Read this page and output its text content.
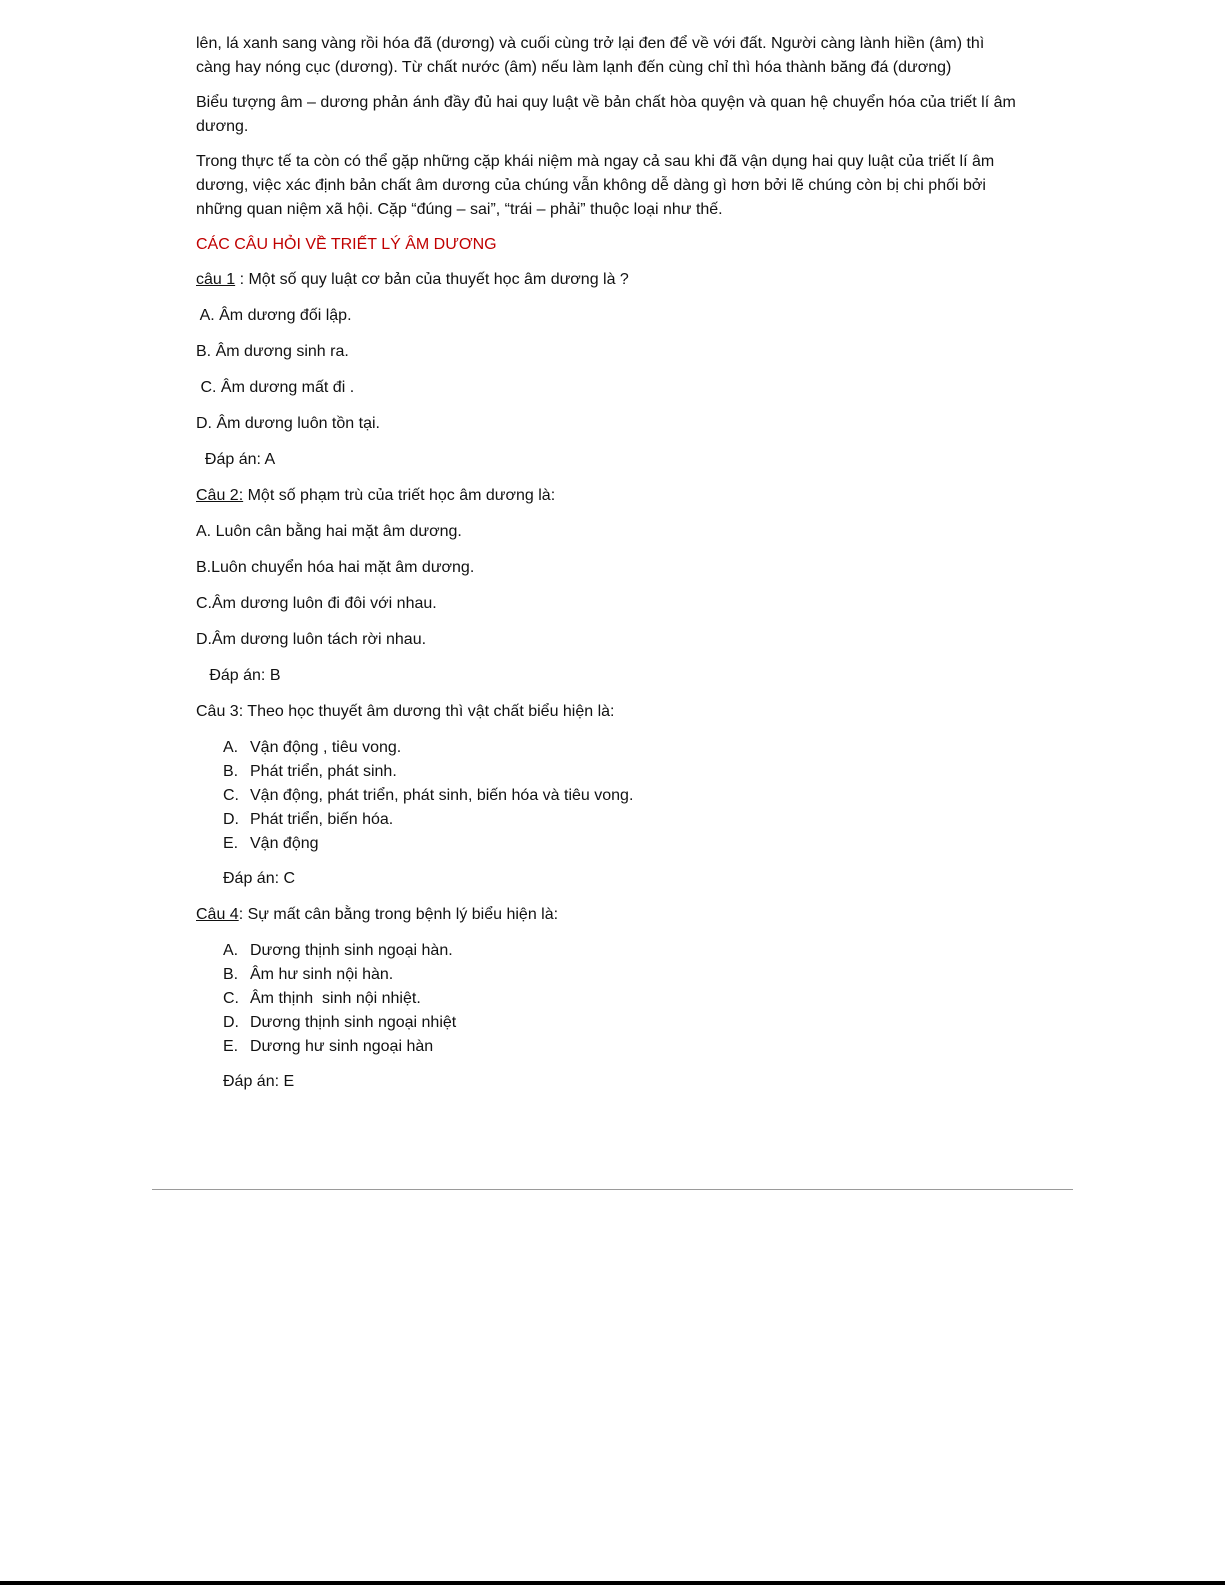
lên, lá xanh sang vàng rồi hóa đã (dương) và cuối cùng trở lại đen để về với đất. Người càng lành hiền (âm) thì càng hay nóng cục (dương). Từ chất nước (âm) nếu làm lạnh đến cùng chỉ thì hóa thành băng đá (dương)

Biểu tượng âm – dương phản ánh đầy đủ hai quy luật về bản chất hòa quyện và quan hệ chuyển hóa của triết lí âm dương.

Trong thực tế ta còn có thể gặp những cặp khái niệm mà ngay cả sau khi đã vận dụng hai quy luật của triết lí âm dương, việc xác định bản chất âm dương của chúng vẫn không dễ dàng gì hơn bởi lẽ chúng còn bị chi phối bởi những quan niệm xã hội. Cặp “đúng – sai”, “trái – phải” thuộc loại như thế.

CÁC CÂU HỎI VỀ TRIẾT LÝ ÂM DƯƠNG

câu 1 : Một số quy luật cơ bản của thuyết học âm dương là ?

A. Âm dương đối lập.

B. Âm dương sinh ra.

C. Âm dương mất đi .

D. Âm dương luôn tồn tại.

Đáp án: A

Câu 2: Một số phạm trù của triết học âm dương là:

A. Luôn cân bằng hai mặt âm dương.

B.Luôn chuyển hóa hai mặt âm dương.

C.Âm dương luôn đi đôi với nhau.

D.Âm dương luôn tách rời nhau.

Đáp án: B

Câu 3: Theo học thuyết âm dương thì vật chất biểu hiện là:

A. Vận động , tiêu vong.
B. Phát triển, phát sinh.
C. Vận động, phát triển, phát sinh, biến hóa và tiêu vong.
D. Phát triển, biến hóa.
E. Vận động

Đáp án: C

Câu 4: Sự mất cân bằng trong bệnh lý biểu hiện là:

A. Dương thịnh sinh ngoại hàn.
B. Âm hư sinh nội hàn.
C. Âm thịnh  sinh nội nhiệt.
D. Dương thịnh sinh ngoại nhiệt
E. Dương hư sinh ngoại hàn

Đáp án: E
